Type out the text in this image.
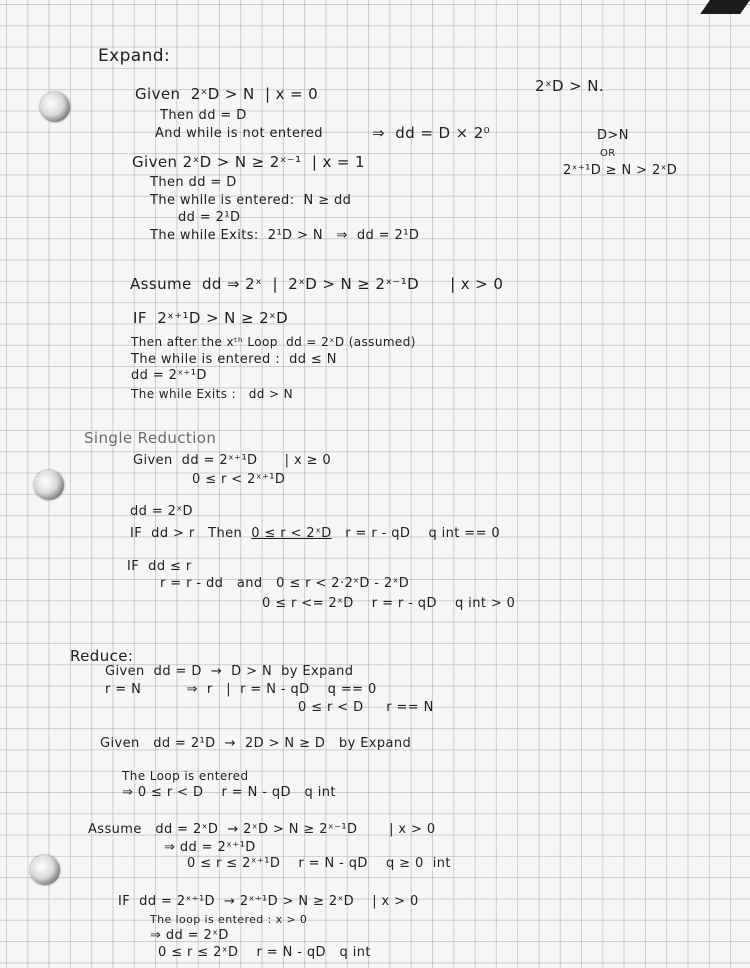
Expand:
2ˣD > N.
D>N
OR
2ˣ⁺¹D ≥ N > 2ˣD
Given  2ˣD > N  | x = 0
Then dd = D
And while is not entered	⇒  dd = D × 2⁰
Given 2ˣD > N ≥ 2ˣ⁻¹  | x = 1
Then dd = D
The while is entered:  N ≥ dd
dd = 2¹D
The while Exits:  2¹D > N   ⇒  dd = 2¹D
Assume  dd ⇒ 2ˣ  |  2ˣD > N ≥ 2ˣ⁻¹D      | x > 0
IF  2ˣ⁺¹D > N ≥ 2ˣD
Then after the xᵗʰ Loop  dd = 2ˣD (assumed)
The while is entered :  dd ≤ N
dd = 2ˣ⁺¹D
The while Exits :   dd > N
Single Reduction
Given  dd = 2ˣ⁺¹D      | x ≥ 0
0 ≤ r < 2ˣ⁺¹D
dd = 2ˣD
IF  dd > r   Then  0 ≤ r < 2ˣD   r = r - qD    q int == 0
IF  dd ≤ r
r = r - dd   and   0 ≤ r < 2·2ˣD - 2ˣD
0 ≤ r <= 2ˣD    r = r - qD    q int > 0
Reduce:
Given  dd = D  →  D > N  by Expand
r = N          ⇒  r   |  r = N - qD    q == 0
0 ≤ r < D     r == N
Given   dd = 2¹D  →  2D > N ≥ D   by Expand
The Loop is entered
⇒ 0 ≤ r < D    r = N - qD   q int
Assume   dd = 2ˣD  → 2ˣD > N ≥ 2ˣ⁻¹D       | x > 0
⇒ dd = 2ˣ⁺¹D
0 ≤ r ≤ 2ˣ⁺¹D    r = N - qD    q ≥ 0  int
IF  dd = 2ˣ⁺¹D  → 2ˣ⁺¹D > N ≥ 2ˣD    | x > 0
The loop is entered : x > 0
⇒ dd = 2ˣD
0 ≤ r ≤ 2ˣD    r = N - qD   q int
